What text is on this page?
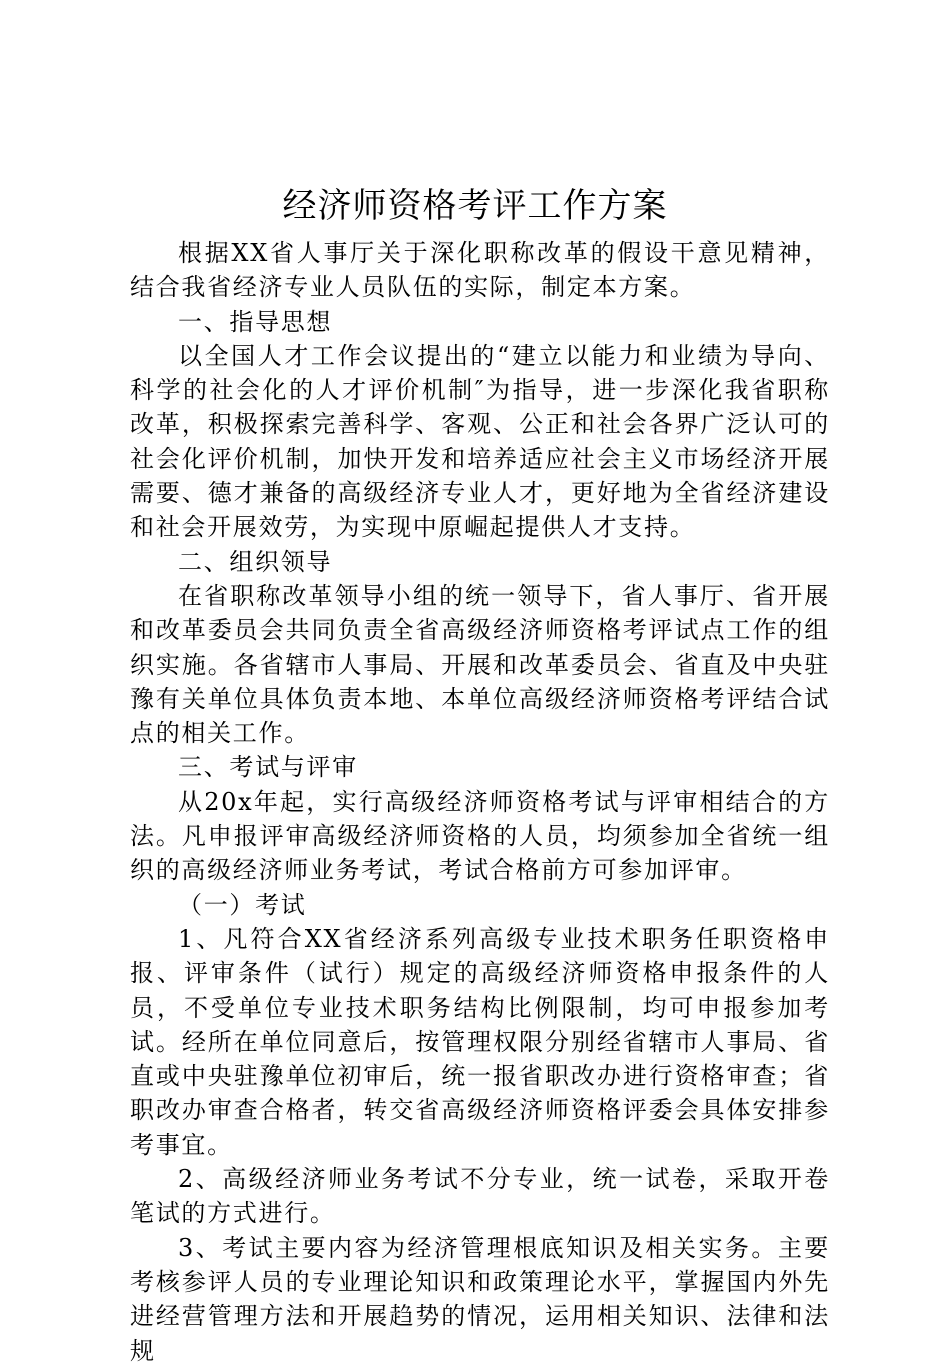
经济师资格考评工作方案

根据XX省人事厅关于深化职称改革的假设干意见精神，结合我省经济专业人员队伍的实际，制定本方案。

一、指导思想

以全国人才工作会议提出的“建立以能力和业绩为导向、科学的社会化的人才评价机制″为指导，进一步深化我省职称改革，积极探索完善科学、客观、公正和社会各界广泛认可的社会化评价机制，加快开发和培养适应社会主义市场经济开展需要、德才兼备的高级经济专业人才，更好地为全省经济建设和社会开展效劳，为实现中原崛起提供人才支持。

二、组织领导

在省职称改革领导小组的统一领导下，省人事厅、省开展和改革委员会共同负责全省高级经济师资格考评试点工作的组织实施。各省辖市人事局、开展和改革委员会、省直及中央驻豫有关单位具体负责本地、本单位高级经济师资格考评结合试点的相关工作。

三、考试与评审

从20x年起，实行高级经济师资格考试与评审相结合的方法。凡申报评审高级经济师资格的人员，均须参加全省统一组织的高级经济师业务考试，考试合格前方可参加评审。

（一）考试

1、凡符合XX省经济系列高级专业技术职务任职资格申报、评审条件（试行）规定的高级经济师资格申报条件的人员，不受单位专业技术职务结构比例限制，均可申报参加考试。经所在单位同意后，按管理权限分别经省辖市人事局、省直或中央驻豫单位初审后，统一报省职改办进行资格审查；省职改办审查合格者，转交省高级经济师资格评委会具体安排参考事宜。

2、高级经济师业务考试不分专业，统一试卷，采取开卷笔试的方式进行。

3、考试主要内容为经济管理根底知识及相关实务。主要考核参评人员的专业理论知识和政策理论水平，掌握国内外先进经营管理方法和开展趋势的情况，运用相关知识、法律和法规
